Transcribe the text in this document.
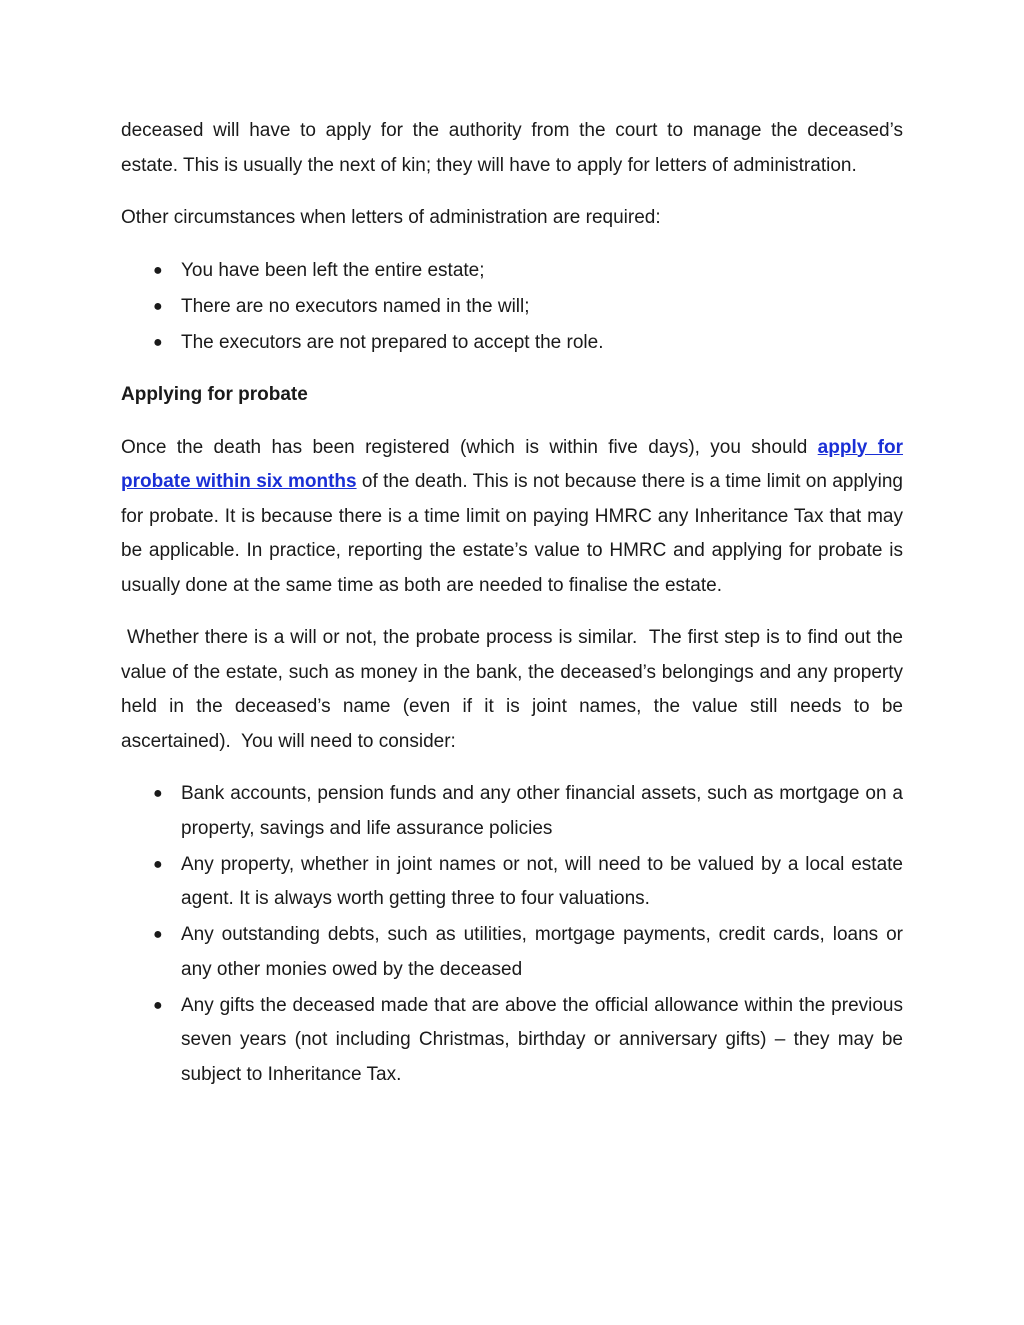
deceased will have to apply for the authority from the court to manage the deceased’s estate. This is usually the next of kin; they will have to apply for letters of administration.

Other circumstances when letters of administration are required:

● You have been left the entire estate;
● There are no executors named in the will;
● The executors are not prepared to accept the role.
Applying for probate

Once the death has been registered (which is within five days), you should apply for probate within six months of the death. This is not because there is a time limit on applying for probate. It is because there is a time limit on paying HMRC any Inheritance Tax that may be applicable. In practice, reporting the estate’s value to HMRC and applying for probate is usually done at the same time as both are needed to finalise the estate.

Whether there is a will or not, the probate process is similar.  The first step is to find out the value of the estate, such as money in the bank, the deceased’s belongings and any property held in the deceased’s name (even if it is joint names, the value still needs to be ascertained).  You will need to consider:

● Bank accounts, pension funds and any other financial assets, such as mortgage on a property, savings and life assurance policies
● Any property, whether in joint names or not, will need to be valued by a local estate agent. It is always worth getting three to four valuations.
● Any outstanding debts, such as utilities, mortgage payments, credit cards, loans or any other monies owed by the deceased
● Any gifts the deceased made that are above the official allowance within the previous seven years (not including Christmas, birthday or anniversary gifts) – they may be subject to Inheritance Tax.
